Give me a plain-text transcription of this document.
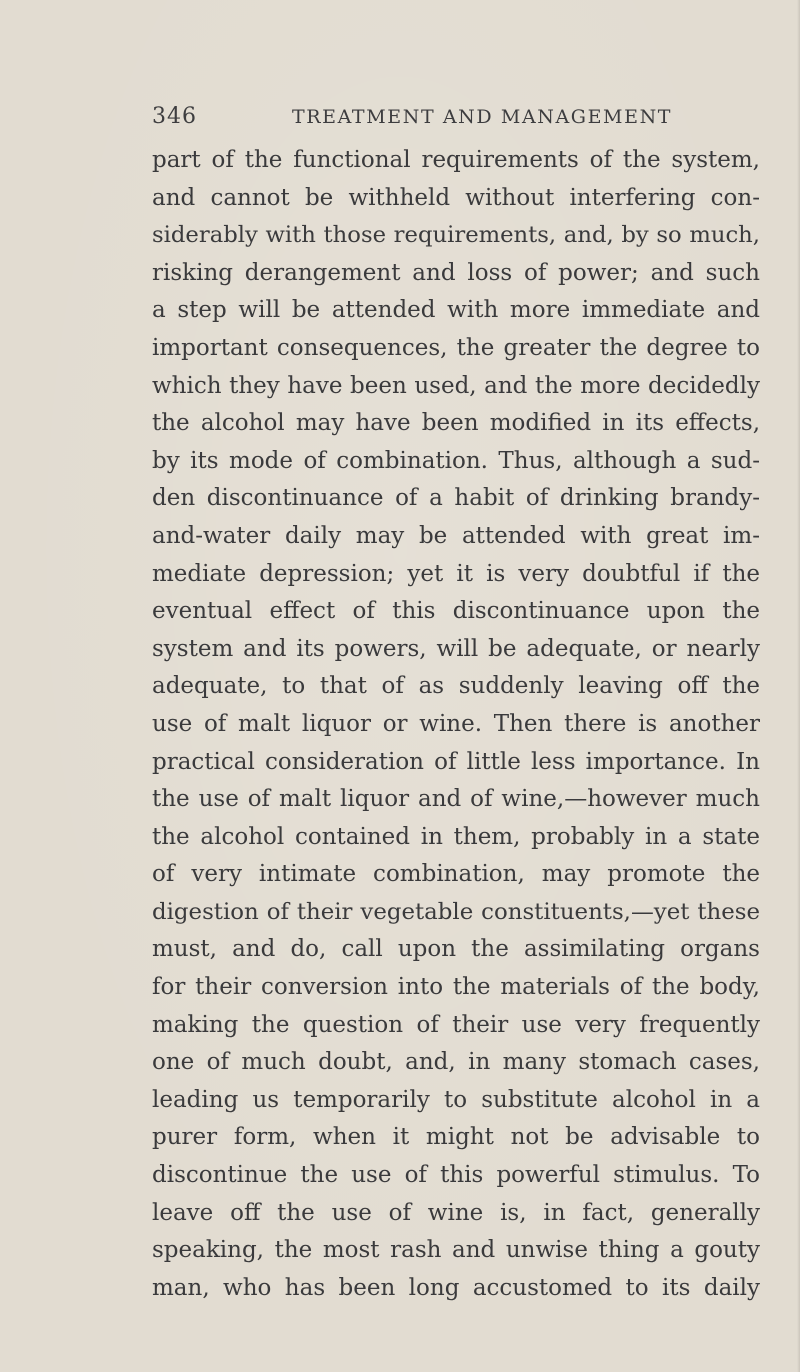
346	TREATMENT AND MANAGEMENT
part of the functional requirements of the system,
and cannot be withheld without interfering con-
siderably with those requirements, and, by so much,
risking derangement and loss of power; and such
a step will be attended with more immediate and
important consequences, the greater the degree to
which they have been used, and the more decidedly
the alcohol may have been modified in its effects,
by its mode of combination. Thus, although a sud-
den discontinuance of a habit of drinking brandy-
and-water daily may be attended with great im-
mediate depression; yet it is very doubtful if the
eventual effect of this discontinuance upon the
system and its powers, will be adequate, or nearly
adequate, to that of as suddenly leaving off the
use of malt liquor or wine. Then there is another
practical consideration of little less importance. In
the use of malt liquor and of wine,—however much
the alcohol contained in them, probably in a state
of very intimate combination, may promote the
digestion of their vegetable constituents,—yet these
must, and do, call upon the assimilating organs
for their conversion into the materials of the body,
making the question of their use very frequently
one of much doubt, and, in many stomach cases,
leading us temporarily to substitute alcohol in a
purer form, when it might not be advisable to
discontinue the use of this powerful stimulus. To
leave off the use of wine is, in fact, generally
speaking, the most rash and unwise thing a gouty
man, who has been long accustomed to its daily
